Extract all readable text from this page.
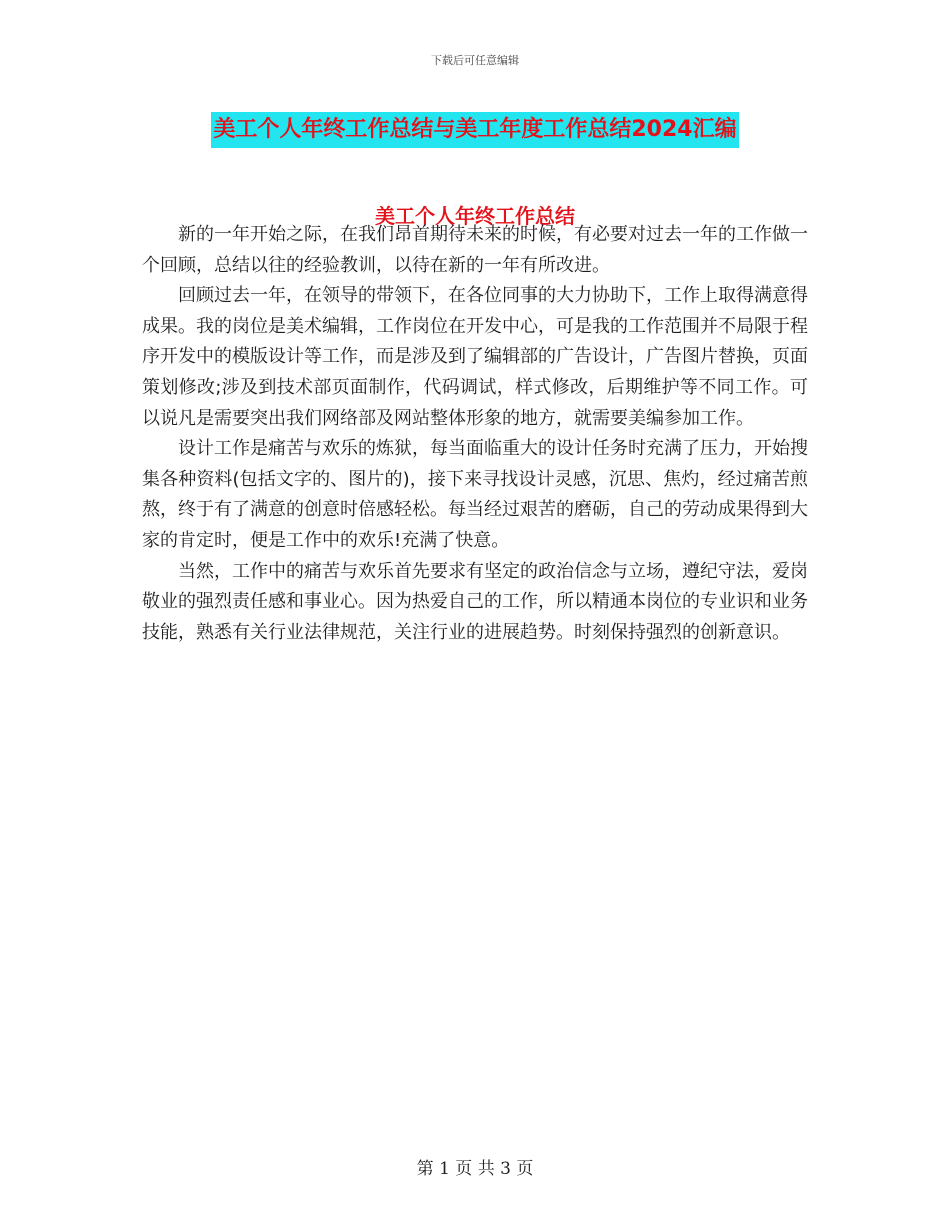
下载后可任意编辑
美工个人年终工作总结与美工年度工作总结2024汇编
美工个人年终工作总结

新的一年开始之际，在我们昂首期待未来的时候，有必要对过去一年的工作做一个回顾，总结以往的经验教训，以待在新的一年有所改进。

回顾过去一年，在领导的带领下，在各位同事的大力协助下，工作上取得满意得成果。我的岗位是美术编辑，工作岗位在开发中心，可是我的工作范围并不局限于程序开发中的模版设计等工作，而是涉及到了编辑部的广告设计，广告图片替换，页面策划修改;涉及到技术部页面制作，代码调试，样式修改，后期维护等不同工作。可以说凡是需要突出我们网络部及网站整体形象的地方，就需要美编参加工作。

设计工作是痛苦与欢乐的炼狱，每当面临重大的设计任务时充满了压力，开始搜集各种资料(包括文字的、图片的)，接下来寻找设计灵感，沉思、焦灼，经过痛苦煎熬，终于有了满意的创意时倍感轻松。每当经过艰苦的磨砺，自己的劳动成果得到大家的肯定时，便是工作中的欢乐!充满了快意。

当然，工作中的痛苦与欢乐首先要求有坚定的政治信念与立场，遵纪守法，爱岗敬业的强烈责任感和事业心。因为热爱自己的工作，所以精通本岗位的专业识和业务技能，熟悉有关行业法律规范，关注行业的进展趋势。时刻保持强烈的创新意识。

第 1 页 共 3 页
